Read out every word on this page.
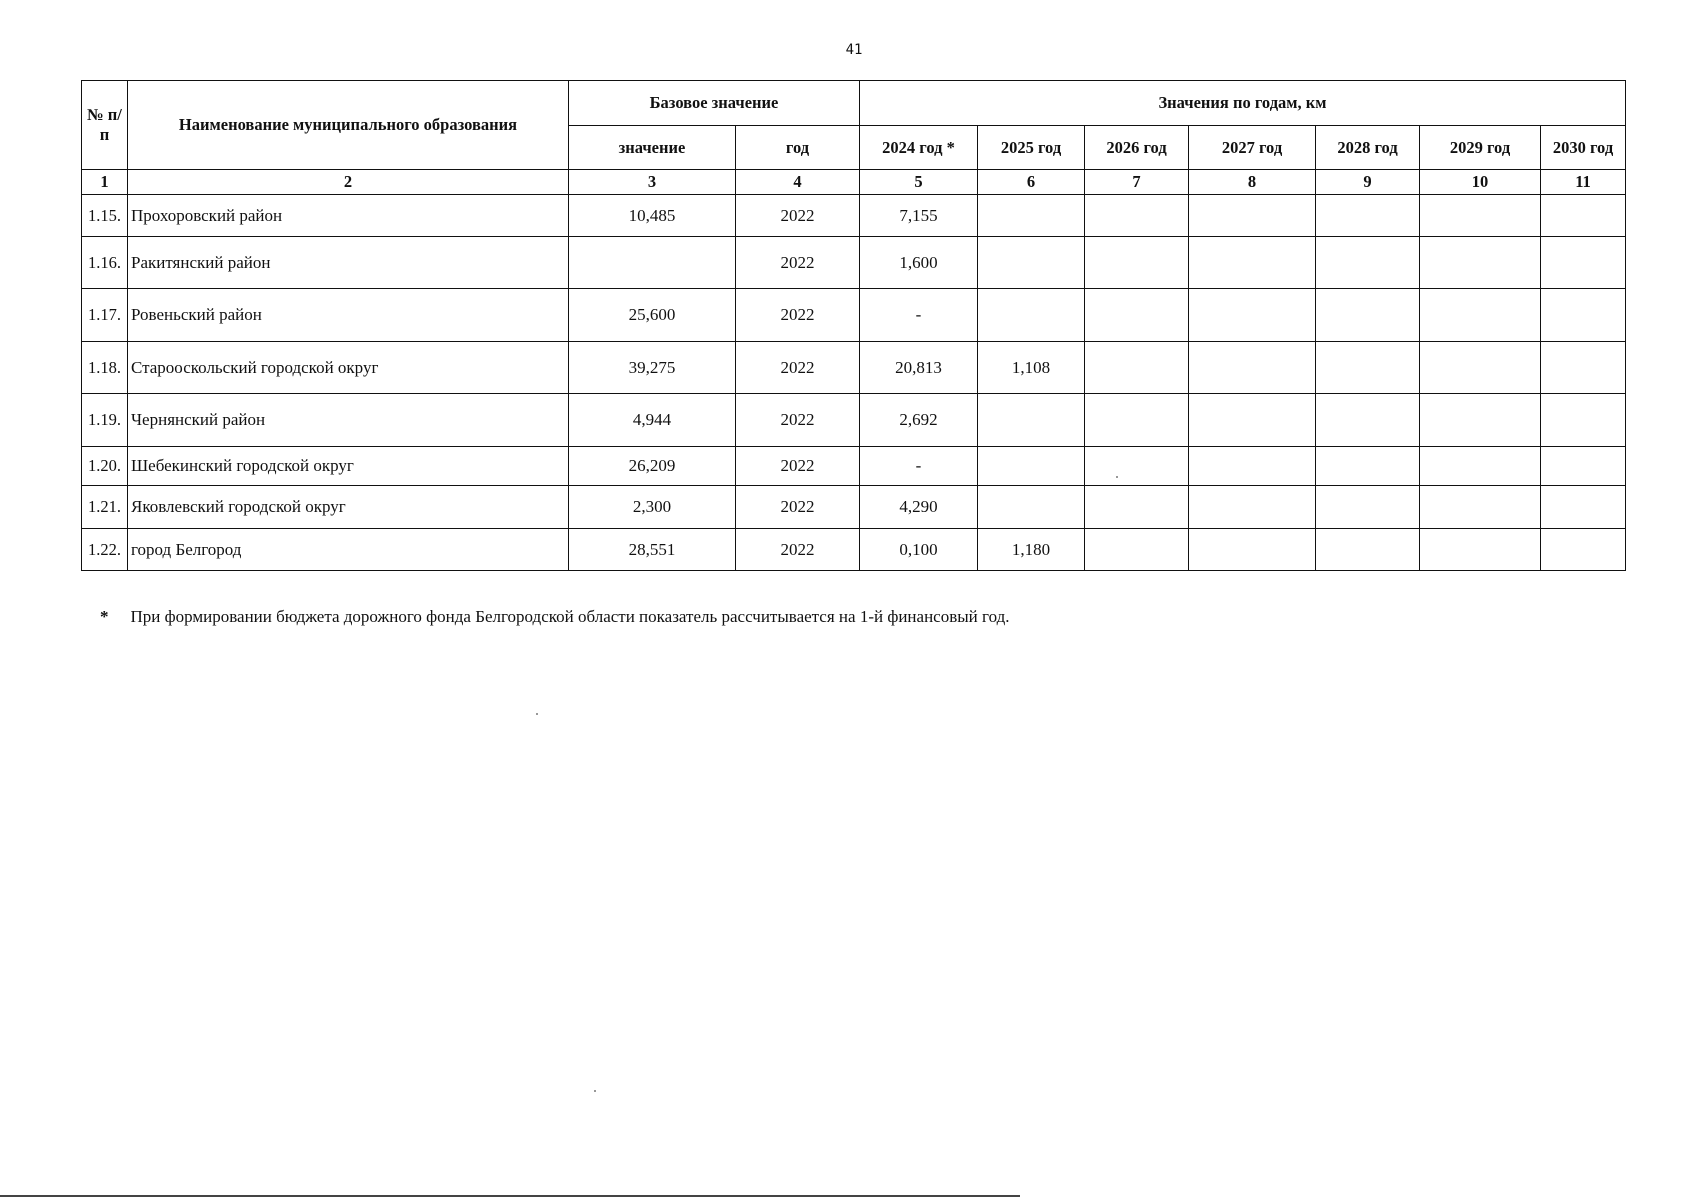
41
№ п/п	Наименование муниципального образования	Базовое значение		Значения по годам, км						
		значение	год	2024 год *	2025 год	2026 год	2027 год	2028 год	2029 год	2030 год
1	2	3	4	5	6	7	8	9	10	11
1.15.	Прохоровский район	10,485	2022	7,155						
1.16.	Ракитянский район		2022	1,600						
1.17.	Ровеньский район	25,600	2022	-						
1.18.	Старооскольский городской округ	39,275	2022	20,813	1,108					
1.19.	Чернянский район	4,944	2022	2,692						
1.20.	Шебекинский городской округ	26,209	2022	-						
1.21.	Яковлевский городской округ	2,300	2022	4,290						
1.22.	город Белгород	28,551	2022	0,100	1,180					
* При формировании бюджета дорожного фонда Белгородской области показатель рассчитывается на 1-й финансовый год.
